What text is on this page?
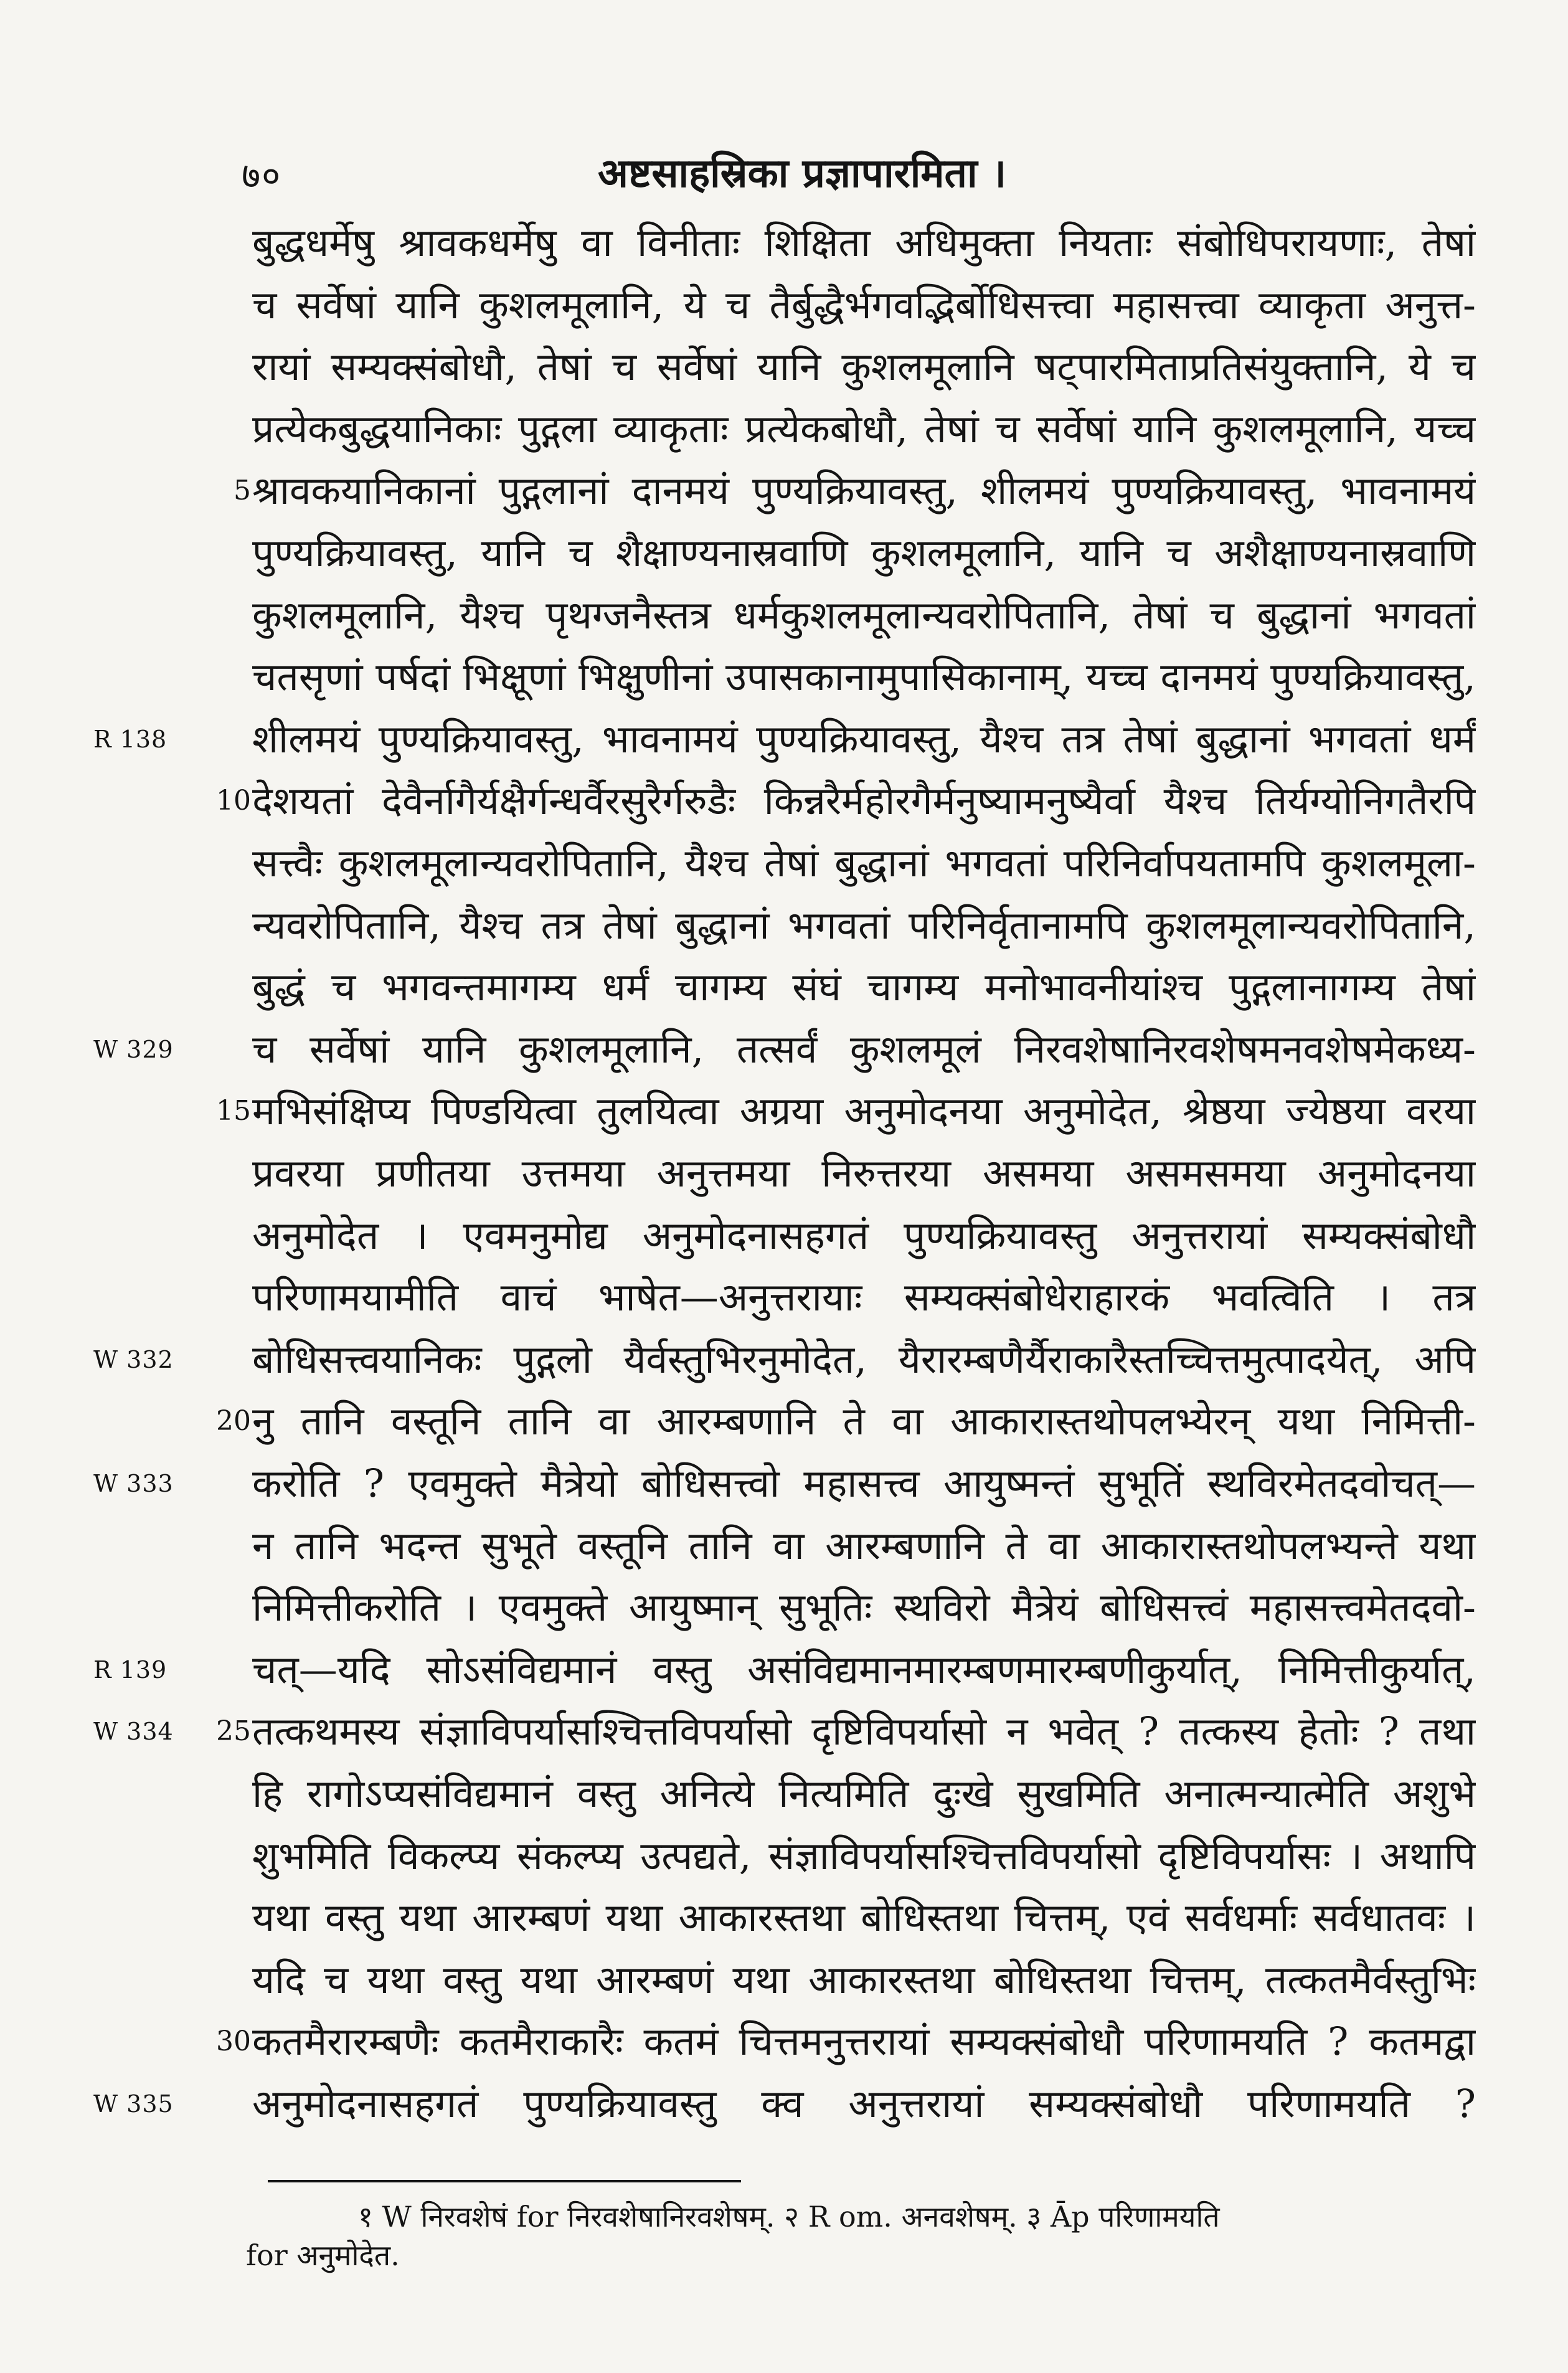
७०	अष्टसाहस्रिका प्रज्ञापारमिता ।
बुद्धधर्मेषु श्रावकधर्मेषु वा विनीताः शिक्षिता अधिमुक्ता नियताः संबोधिपरायणाः, तेषां
च सर्वेषां यानि कुशलमूलानि, ये च तैर्बुद्धैर्भगवद्भिर्बोधिसत्त्वा महासत्त्वा व्याकृता अनुत्त-
रायां सम्यक्संबोधौ, तेषां च सर्वेषां यानि कुशलमूलानि षट्पारमिताप्रतिसंयुक्तानि, ये च
प्रत्येकबुद्धयानिकाः पुद्गला व्याकृताः प्रत्येकबोधौ, तेषां च सर्वेषां यानि कुशलमूलानि, यच्च
श्रावकयानिकानां पुद्गलानां दानमयं पुण्यक्रियावस्तु, शीलमयं पुण्यक्रियावस्तु, भावनामयं
5
पुण्यक्रियावस्तु, यानि च शैक्षाण्यनास्रवाणि कुशलमूलानि, यानि च अशैक्षाण्यनास्रवाणि
कुशलमूलानि, यैश्च पृथग्जनैस्तत्र धर्मकुशलमूलान्यवरोपितानि, तेषां च बुद्धानां भगवतां
चतसृणां पर्षदां भिक्षूणां भिक्षुणीनां उपासकानामुपासिकानाम्, यच्च दानमयं पुण्यक्रियावस्तु,
शीलमयं पुण्यक्रियावस्तु, भावनामयं पुण्यक्रियावस्तु, यैश्च तत्र तेषां बुद्धानां भगवतां धर्मं
R 138
देशयतां देवैर्नागैर्यक्षैर्गन्धर्वैरसुरैर्गरुडैः किन्नरैर्महोरगैर्मनुष्यामनुष्यैर्वा यैश्च तिर्यग्योनिगतैरपि
10
सत्त्वैः कुशलमूलान्यवरोपितानि, यैश्च तेषां बुद्धानां भगवतां परिनिर्वापयतामपि कुशलमूला-
न्यवरोपितानि, यैश्च तत्र तेषां बुद्धानां भगवतां परिनिर्वृतानामपि कुशलमूलान्यवरोपितानि,
बुद्धं च भगवन्तमागम्य धर्मं चागम्य संघं चागम्य मनोभावनीयांश्च पुद्गलानागम्य तेषां
च सर्वेषां यानि कुशलमूलानि, तत्सर्वं कुशलमूलं निरवशेषानिरवशेषमनवशेषमेकध्य-
W 329
मभिसंक्षिप्य पिण्डयित्वा तुलयित्वा अग्रया अनुमोदनया अनुमोदेत, श्रेष्ठया ज्येष्ठया वरया
15
प्रवरया प्रणीतया उत्तमया अनुत्तमया निरुत्तरया असमया असमसमया अनुमोदनया
अनुमोदेत । एवमनुमोद्य अनुमोदनासहगतं पुण्यक्रियावस्तु अनुत्तरायां सम्यक्संबोधौ
परिणामयामीति वाचं भाषेत—अनुत्तरायाः सम्यक्संबोधेराहारकं भवत्विति । तत्र
बोधिसत्त्वयानिकः पुद्गलो यैर्वस्तुभिरनुमोदेत, यैरारम्बणैर्यैराकारैस्तच्चित्तमुत्पादयेत्, अपि
W 332
नु तानि वस्तूनि तानि वा आरम्बणानि ते वा आकारास्तथोपलभ्येरन् यथा निमित्ती-
20
करोति ? एवमुक्ते मैत्रेयो बोधिसत्त्वो महासत्त्व आयुष्मन्तं सुभूतिं स्थविरमेतदवोचत्—
W 333
न तानि भदन्त सुभूते वस्तूनि तानि वा आरम्बणानि ते वा आकारास्तथोपलभ्यन्ते यथा
निमित्तीकरोति । एवमुक्ते आयुष्मान् सुभूतिः स्थविरो मैत्रेयं बोधिसत्त्वं महासत्त्वमेतदवो-
चत्—यदि सोऽसंविद्यमानं वस्तु असंविद्यमानमारम्बणमारम्बणीकुर्यात्, निमित्तीकुर्यात्,
R 139
तत्कथमस्य संज्ञाविपर्यासश्चित्तविपर्यासो दृष्टिविपर्यासो न भवेत् ? तत्कस्य हेतोः ? तथा
25
W 334
हि रागोऽप्यसंविद्यमानं वस्तु अनित्ये नित्यमिति दुःखे सुखमिति अनात्मन्यात्मेति अशुभे
शुभमिति विकल्प्य संकल्प्य उत्पद्यते, संज्ञाविपर्यासश्चित्तविपर्यासो दृष्टिविपर्यासः । अथापि
यथा वस्तु यथा आरम्बणं यथा आकारस्तथा बोधिस्तथा चित्तम्, एवं सर्वधर्माः सर्वधातवः ।
यदि च यथा वस्तु यथा आरम्बणं यथा आकारस्तथा बोधिस्तथा चित्तम्, तत्कतमैर्वस्तुभिः
कतमैरारम्बणैः कतमैराकारैः कतमं चित्तमनुत्तरायां सम्यक्संबोधौ परिणामयति ? कतमद्वा
30
अनुमोदनासहगतं पुण्यक्रियावस्तु क्व अनुत्तरायां सम्यक्संबोधौ परिणामयति ?
W 335
१ W निरवशेषं for निरवशेषानिरवशेषम्. २ R om. अनवशेषम्. ३ Āp परिणामयति
for अनुमोदेत.
